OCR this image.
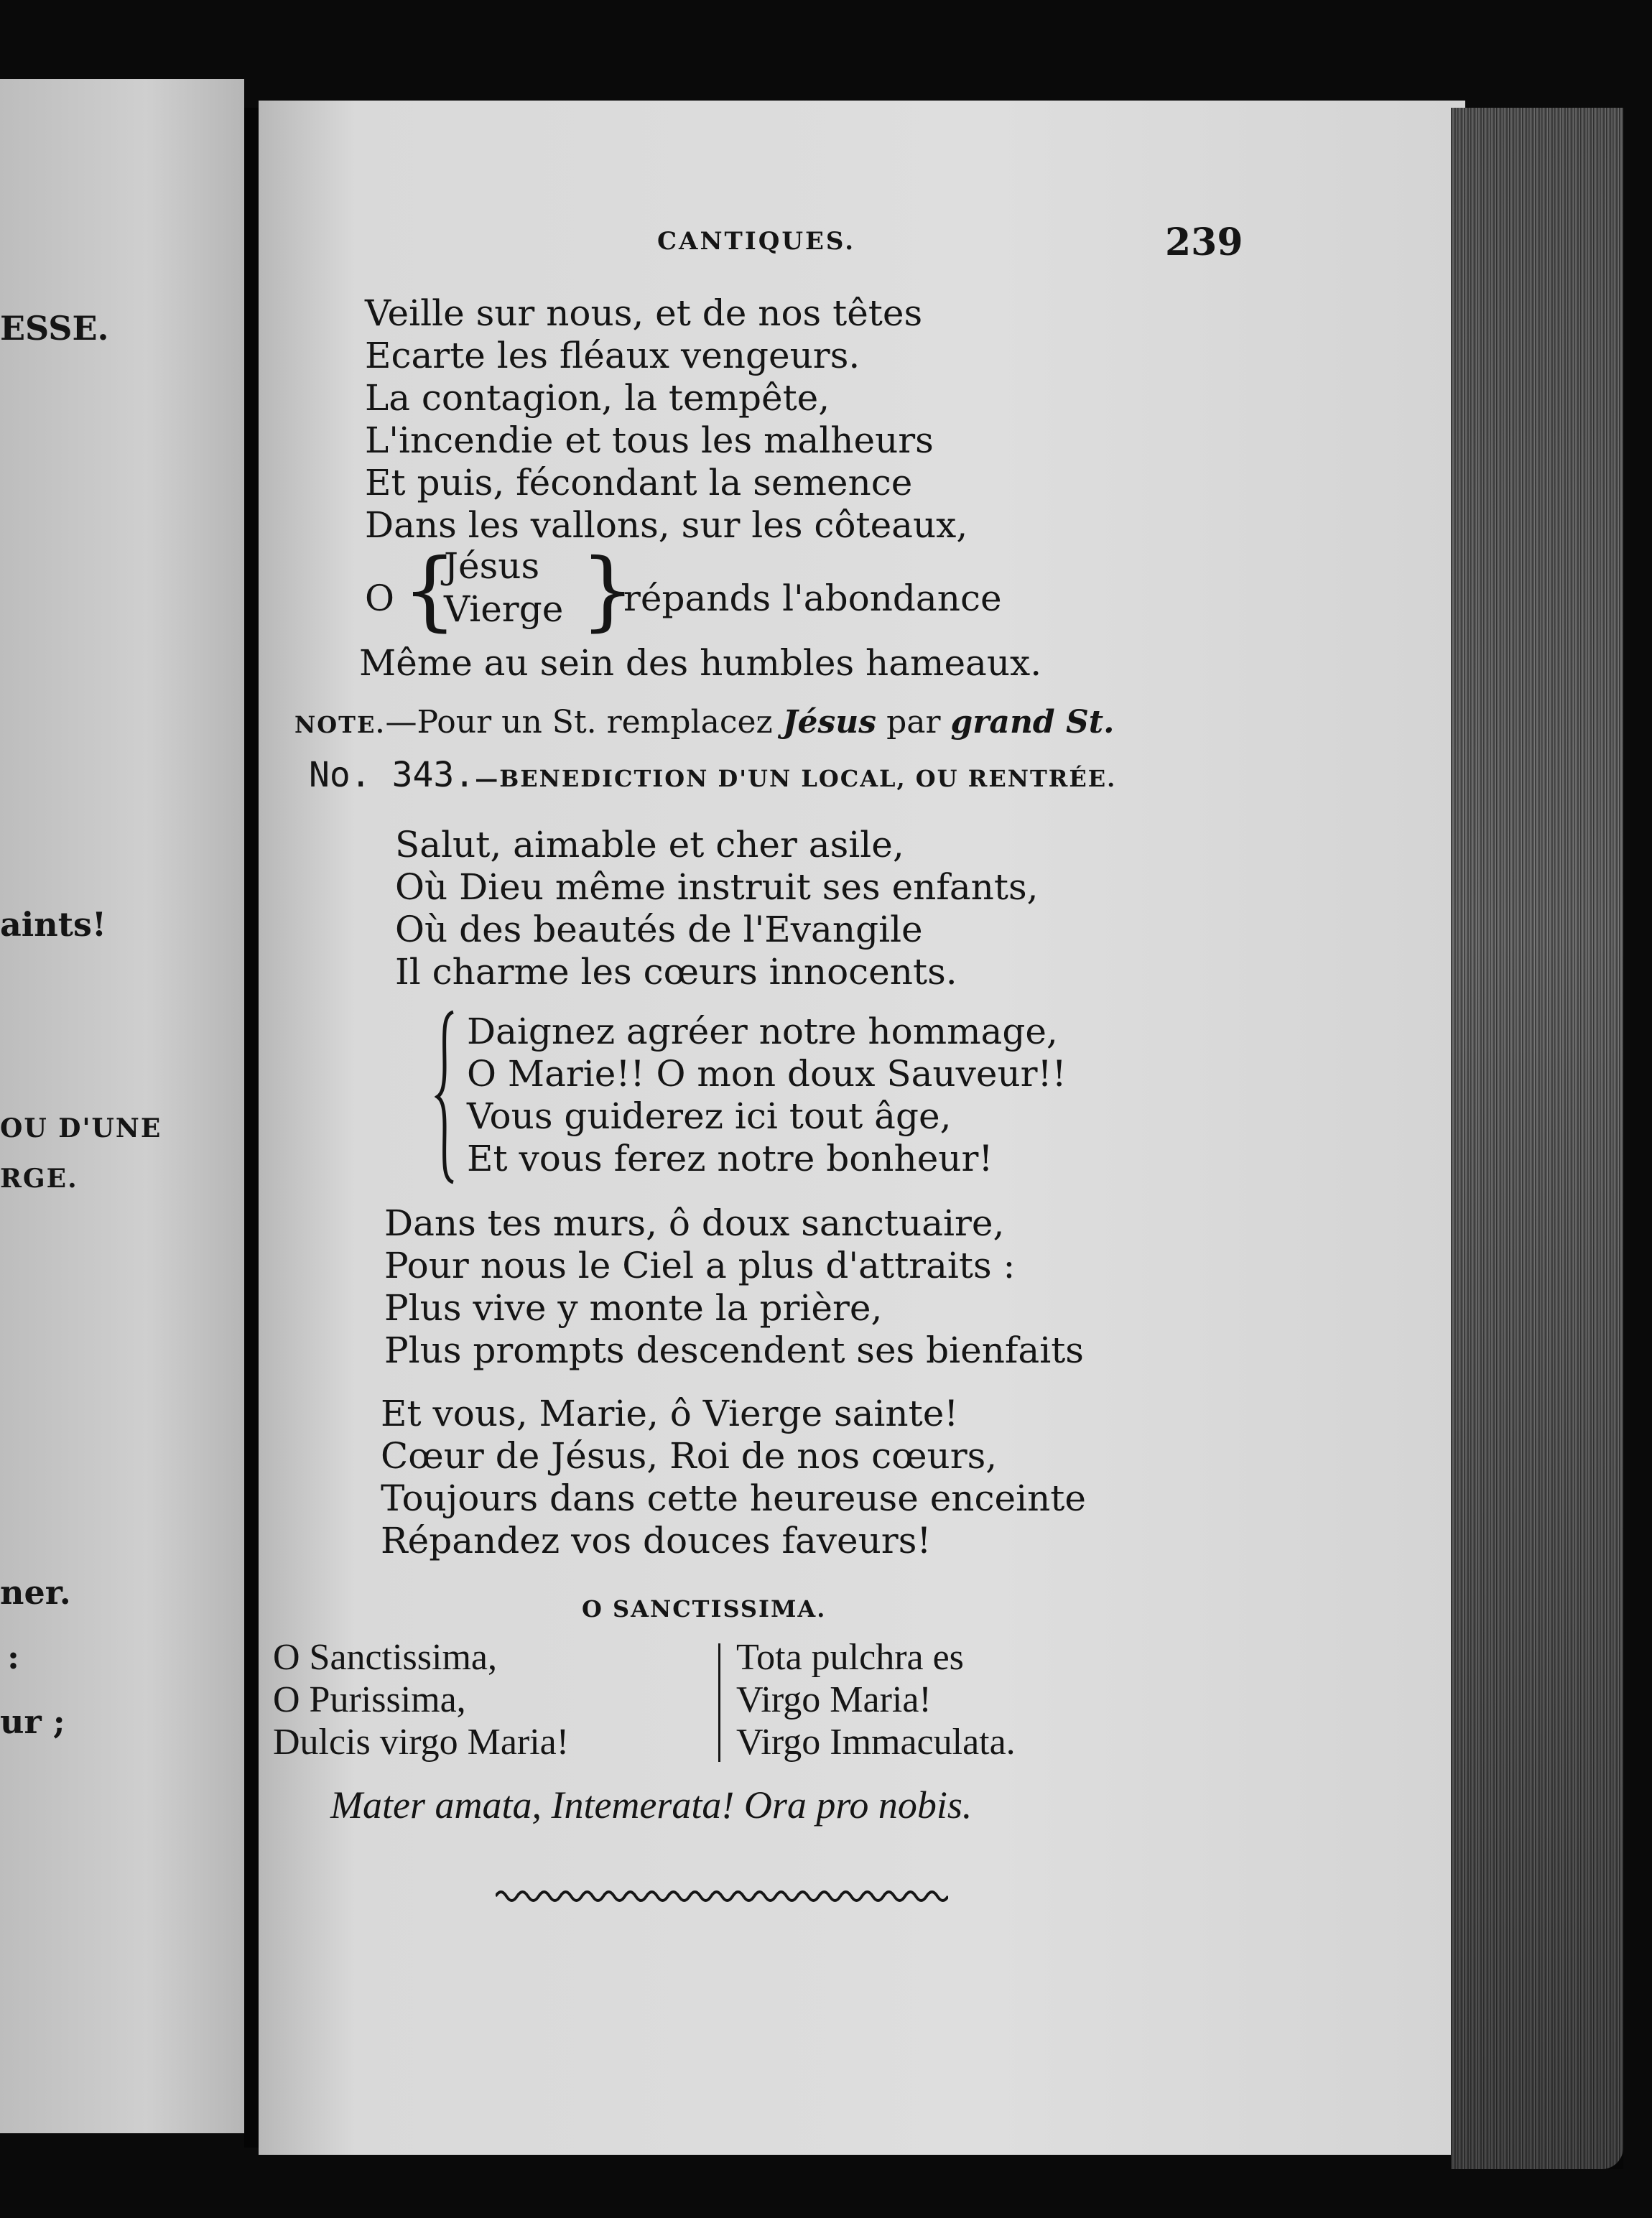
ESSE.
aints!
OU D'UNE
RGE.
ner.
:
ur ;
CANTIQUES.	239
Veille sur nous, et de nos têtes
Ecarte les fléaux vengeurs.
La contagion, la tempête,
L'incendie et tous les malheurs
Et puis, fécondant la semence
Dans les vallons, sur les côteaux,
O {
Jésus
Vierge }
répands l'abondance
Même au sein des humbles hameaux.
NOTE.—Pour un St. remplacez Jésus par grand St.
No. 343.—BENEDICTION D'UN LOCAL, OU RENTRÉE.
Salut, aimable et cher asile,
Où Dieu même instruit ses enfants,
Où des beautés de l'Evangile
Il charme les cœurs innocents.
Daignez agréer notre hommage,
O Marie!! O mon doux Sauveur!!
Vous guiderez ici tout âge,
Et vous ferez notre bonheur!
Dans tes murs, ô doux sanctuaire,
Pour nous le Ciel a plus d'attraits :
Plus vive y monte la prière,
Plus prompts descendent ses bienfaits
Et vous, Marie, ô Vierge sainte!
Cœur de Jésus, Roi de nos cœurs,
Toujours dans cette heureuse enceinte
Répandez vos douces faveurs!
O SANCTISSIMA.
O Sanctissima,
O Purissima,
Dulcis virgo Maria!
Tota pulchra es
Virgo Maria!
Virgo Immaculata.
Mater amata, Intemerata! Ora pro nobis.
